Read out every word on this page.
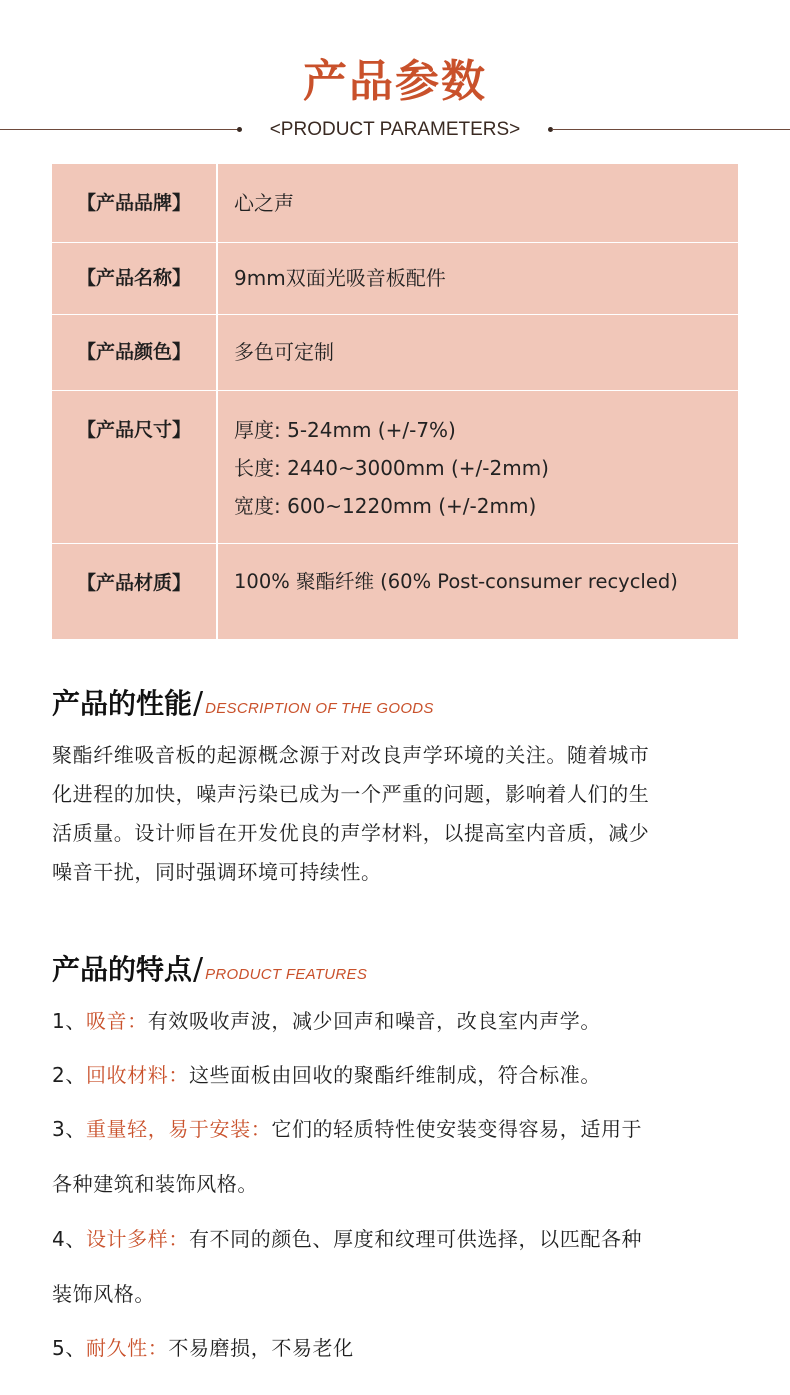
产品参数
<PRODUCT PARAMETERS>
【产品品牌】	心之声
【产品名称】	9mm双面光吸音板配件
【产品颜色】	多色可定制
【产品尺寸】	厚度: 5-24mm (+/-7%)
长度: 2440~3000mm (+/-2mm)
宽度: 600~1220mm (+/-2mm)
【产品材质】	100% 聚酯纤维 (60% Post-consumer recycled)
产品的性能/ DESCRIPTION OF THE GOODS
聚酯纤维吸音板的起源概念源于对改良声学环境的关注。随着城市
化进程的加快，噪声污染已成为一个严重的问题，影响着人们的生
活质量。设计师旨在开发优良的声学材料，以提高室内音质，减少
噪音干扰，同时强调环境可持续性。
产品的特点/ PRODUCT FEATURES
1、吸音：有效吸收声波，减少回声和噪音，改良室内声学。
2、回收材料：这些面板由回收的聚酯纤维制成，符合标准。
3、重量轻，易于安装：它们的轻质特性使安装变得容易，适用于
各种建筑和装饰风格。
4、设计多样：有不同的颜色、厚度和纹理可供选择，以匹配各种
装饰风格。
5、耐久性：不易磨损，不易老化
